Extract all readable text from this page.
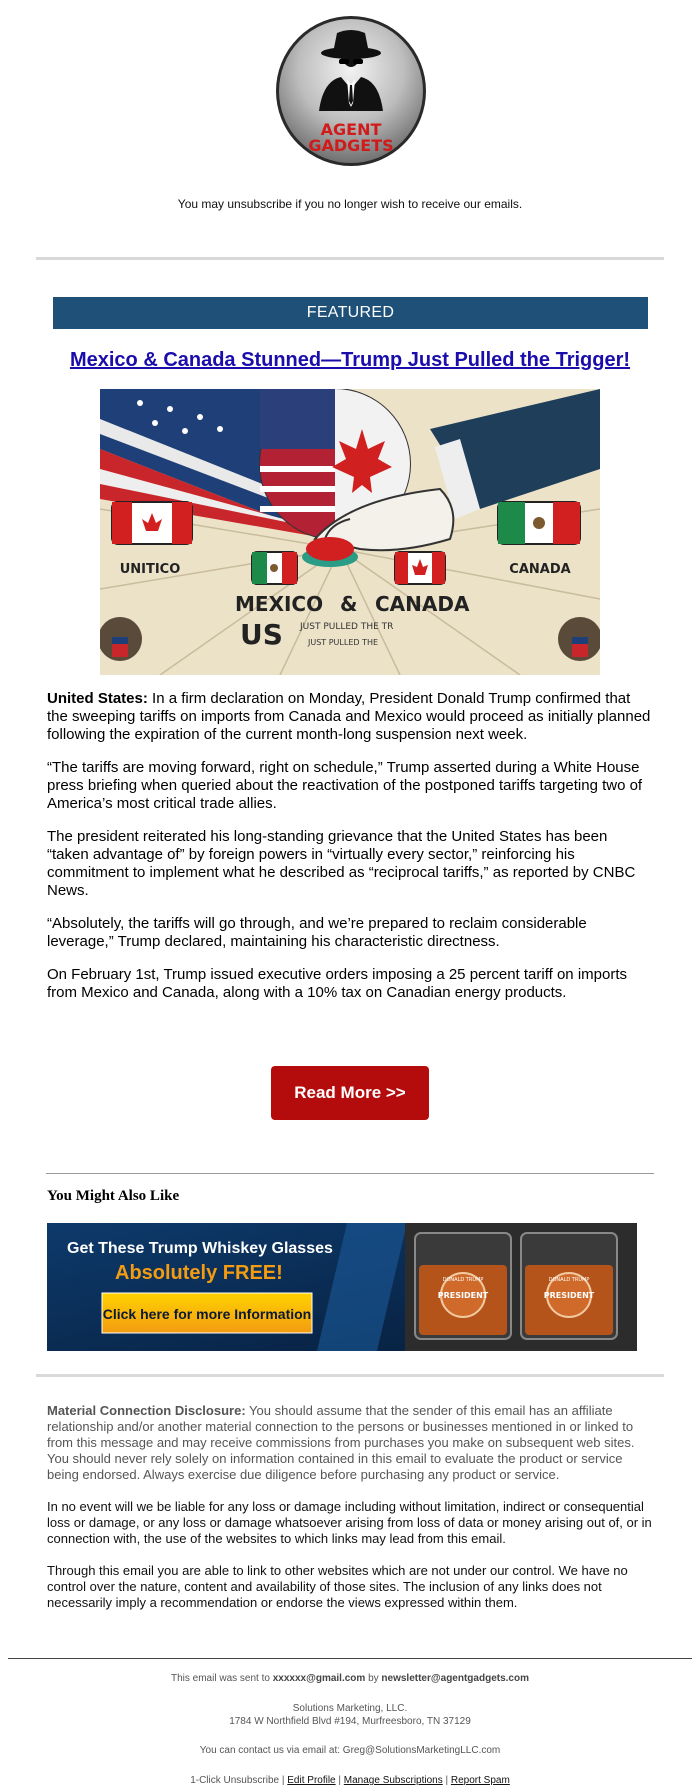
AGENT
GADGETS
You may unsubscribe if you no longer wish to receive our emails.
FEATURED
Mexico & Canada Stunned—Trump Just Pulled the Trigger!
UNITICO	CANADA
MEXICO & CANADA
US JUST PULLED THE TR
JUST PULLED THE

United States: In a firm declaration on Monday, President Donald Trump confirmed that the sweeping tariffs on imports from Canada and Mexico would proceed as initially planned following the expiration of the current month-long suspension next week.

“The tariffs are moving forward, right on schedule,” Trump asserted during a White House press briefing when queried about the reactivation of the postponed tariffs targeting two of America’s most critical trade allies.

The president reiterated his long-standing grievance that the United States has been “taken advantage of” by foreign powers in “virtually every sector,” reinforcing his commitment to implement what he described as “reciprocal tariffs,” as reported by CNBC News.

“Absolutely, the tariffs will go through, and we’re prepared to reclaim considerable leverage,” Trump declared, maintaining his characteristic directness.

On February 1st, Trump issued executive orders imposing a 25 percent tariff on imports from Mexico and Canada, along with a 10% tax on Canadian energy products.

Read More >>
You Might Also Like
DONALD TRUMP
PRESIDENT
DONALD TRUMP
PRESIDENT
Get These Trump Whiskey Glasses
Absolutely FREE!
Click here for more Information

Material Connection Disclosure: You should assume that the sender of this email has an affiliate relationship and/or another material connection to the persons or businesses mentioned in or linked to from this message and may receive commissions from purchases you make on subsequent web sites. You should never rely solely on information contained in this email to evaluate the product or service being endorsed. Always exercise due diligence before purchasing any product or service.

In no event will we be liable for any loss or damage including without limitation, indirect or consequential loss or damage, or any loss or damage whatsoever arising from loss of data or money arising out of, or in connection with, the use of the websites to which links may lead from this email.

Through this email you are able to link to other websites which are not under our control. We have no control over the nature, content and availability of those sites. The inclusion of any links does not necessarily imply a recommendation or endorse the views expressed within them.

This email was sent to xxxxxx@gmail.com by newsletter@agentgadgets.com
Solutions Marketing, LLC.
1784 W Northfield Blvd #194, Murfreesboro, TN 37129
You can contact us via email at: Greg@SolutionsMarketingLLC.com
1-Click Unsubscribe | Edit Profile | Manage Subscriptions | Report Spam
